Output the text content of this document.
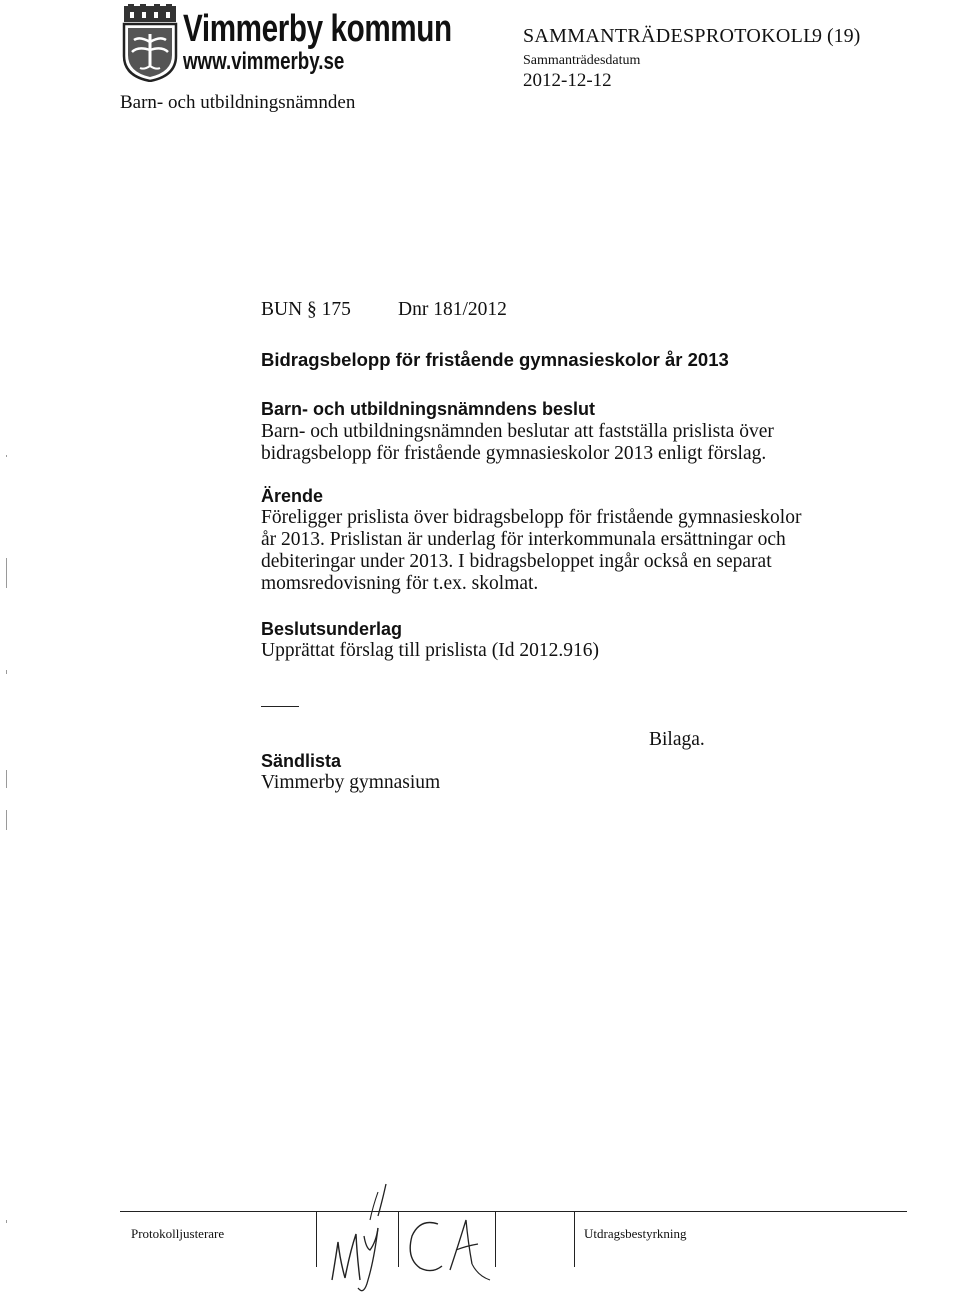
Vimmerby kommun
www.vimmerby.se
Barn- och utbildningsnämnden
SAMMANTRÄDESPROTOKOLL
9 (19)
Sammanträdesdatum
2012-12-12
BUN § 175 Dnr 181/2012
Bidragsbelopp för fristående gymnasieskolor år 2013
Barn- och utbildningsnämndens beslut
Barn- och utbildningsnämnden beslutar att fastställa prislista över
bidragsbelopp för fristående gymnasieskolor 2013 enligt förslag.
Ärende
Föreligger prislista över bidragsbelopp för fristående gymnasieskolor
år 2013. Prislistan är underlag för interkommunala ersättningar och
debiteringar under 2013. I bidragsbeloppet ingår också en separat
momsredovisning för t.ex. skolmat.
Beslutsunderlag
Upprättat förslag till prislista (Id 2012.916)
Bilaga.
Sändlista
Vimmerby gymnasium
Protokolljusterare	Utdragsbestyrkning
